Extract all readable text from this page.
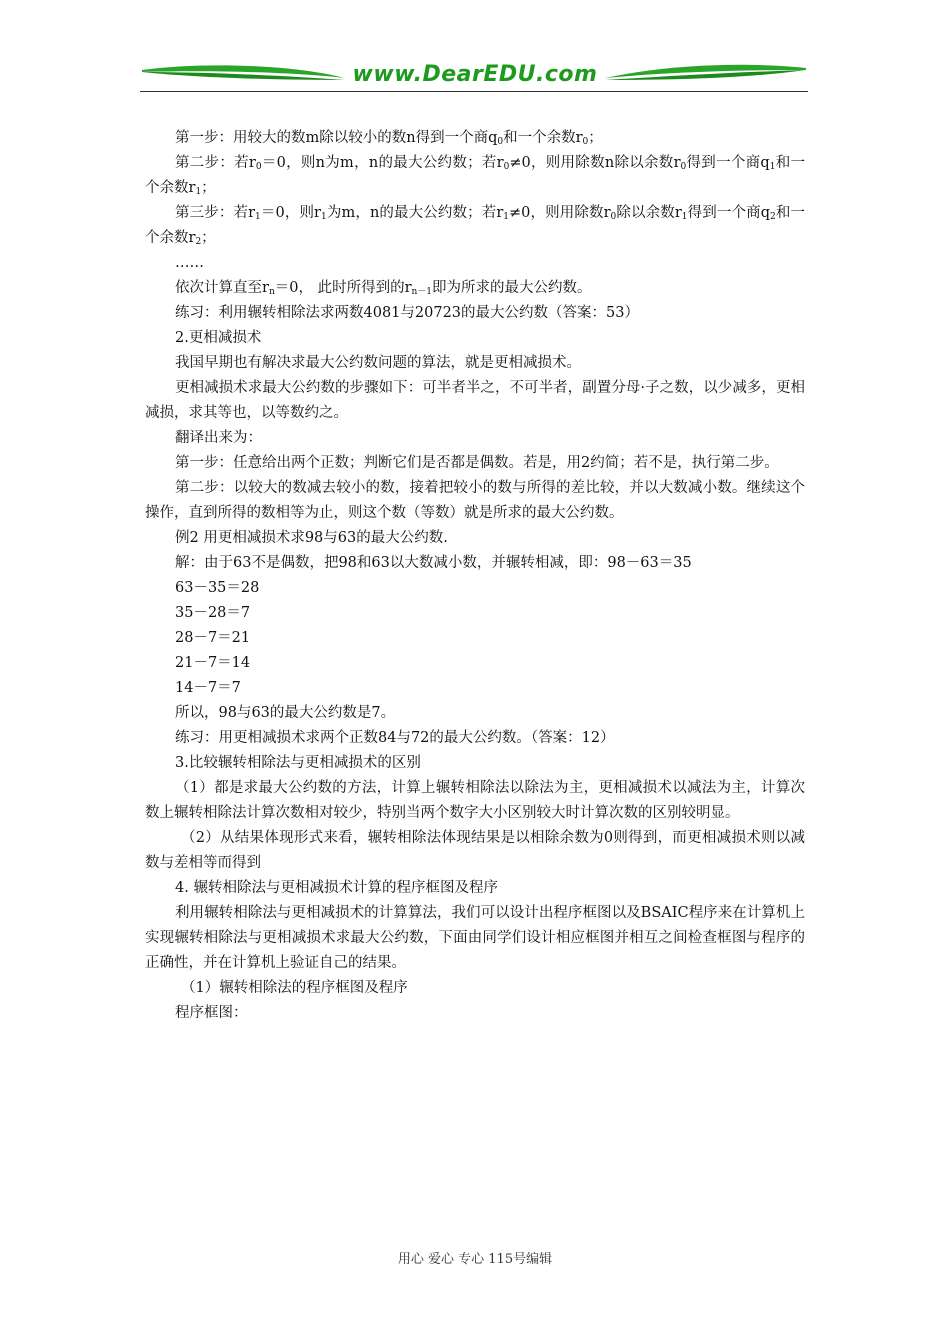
www.DearEDU.com

第一步：用较大的数m除以较小的数n得到一个商$q_0$和一个余数$r_0$；

第二步：若$r_0=0$，则n为m，n的最大公约数；若$r_0\ne 0$，则用除数n除以余数$r_0$得到一个商$q_1$和一个余数$r_1$；

第三步：若$r_1=0$，则$r_1$为m，n的最大公约数；若$r_1\ne 0$，则用除数$r_0$除以余数$r_1$得到一个商$q_2$和一个余数$r_2$；

……

依次计算直至$r_n=0$， 此时所得到的$r_{n-1}$即为所求的最大公约数。

练习：利用辗转相除法求两数4081与20723的最大公约数（答案：53）

2.更相减损术

我国早期也有解决求最大公约数问题的算法，就是更相减损术。

更相减损术求最大公约数的步骤如下：可半者半之，不可半者，副置分母·子之数，以少减多，更相减损，求其等也，以等数约之。

翻译出来为：

第一步：任意给出两个正数；判断它们是否都是偶数。若是，用2约简；若不是，执行第二步。

第二步：以较大的数减去较小的数，接着把较小的数与所得的差比较，并以大数减小数。继续这个操作，直到所得的数相等为止，则这个数（等数）就是所求的最大公约数。

例2 用更相减损术求98与63的最大公约数.

解：由于63不是偶数，把98和63以大数减小数，并辗转相减，即：98－63＝35

63－35＝28

35－28＝7

28－7＝21

21－7＝14

14－7＝7

所以，98与63的最大公约数是7。

练习：用更相减损术求两个正数84与72的最大公约数。（答案：12）

3.比较辗转相除法与更相减损术的区别

（1）都是求最大公约数的方法，计算上辗转相除法以除法为主，更相减损术以减法为主，计算次数上辗转相除法计算次数相对较少，特别当两个数字大小区别较大时计算次数的区别较明显。

（2）从结果体现形式来看，辗转相除法体现结果是以相除余数为0则得到，而更相减损术则以减数与差相等而得到

4. 辗转相除法与更相减损术计算的程序框图及程序

利用辗转相除法与更相减损术的计算算法，我们可以设计出程序框图以及BSAIC程序来在计算机上实现辗转相除法与更相减损术求最大公约数，下面由同学们设计相应框图并相互之间检查框图与程序的正确性，并在计算机上验证自己的结果。

（1）辗转相除法的程序框图及程序

程序框图：

用心 爱心 专心 115号编辑
